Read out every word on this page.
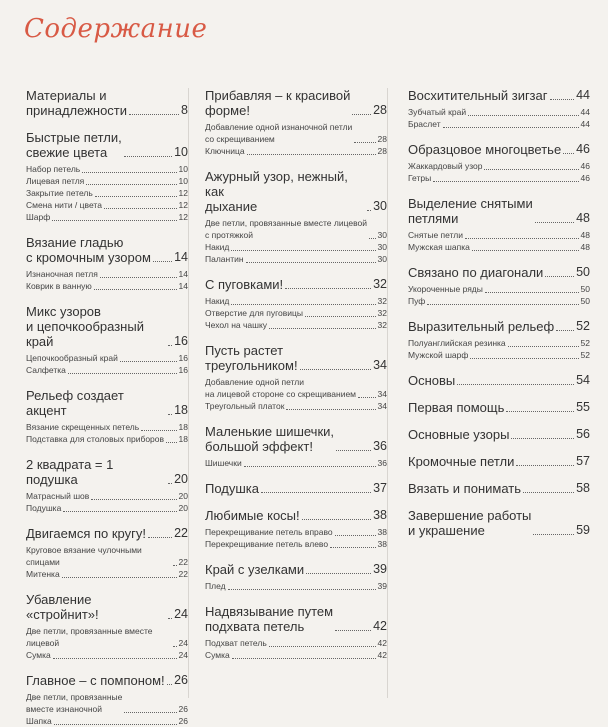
Содержание
Материалы и
принадлежности	8
Быстрые петли,
свежие цвета	10
Набор петель	10
Лицевая петля	10
Закрытие петель	12
Смена нити / цвета	12
Шарф	12
Вязание гладью
с кромочным узором 14
Изнаночная петля	14
Коврик в ванную	14
Микс узоров
и цепочкообразный край	16
Цепочкообразный край	16
Салфетка	16
Рельеф создает акцент	18
Вязание скрещенных петель	18
Подставка для столовых приборов 18
2 квадрата = 1 подушка	20
Матрасный шов	20
Подушка	20
Двигаемся по кругу! 22
Круговое вязание чулочными спицами	22
Митенка	22
Убавление «стройнит»!	24
Две петли, провязанные вместе лицевой	24
Сумка	24
Главное – с помпоном! 26
Две петли, провязанные
вместе изнаночной	26
Шапка	26
Прибавляя – к красивой
форме!	28
Добавление одной изнаночной петли
со скрещиванием	28
Ключница	28
Ажурный узор, нежный, как
дыхание	30
Две петли, провязанные вместе лицевой
с протяжкой	30
Накид	30
Палантин	30
С пуговками!	32
Накид	32
Отверстие для пуговицы	32
Чехол на чашку	32
Пусть растет
треугольником!	34
Добавление одной петли
на лицевой стороне со скрещиванием	34
Треугольный платок	34
Маленькие шишечки,
большой эффект!	36
Шишечки	36
Подушка	37
Любимые косы!	38
Перекрещивание петель вправо	38
Перекрещивание петель влево	38
Край с узелками	39
Плед	39
Надвязывание путем
подхвата петель	42
Подхват петель	42
Сумка	42
Восхитительный зигзаг 44
Зубчатый край	44
Браслет	44
Образцовое многоцветье 46
Жаккардовый узор	46
Гетры	46
Выделение снятыми
петлями	48
Снятые петли	48
Мужская шапка	48
Связано по диагонали	50
Укороченные ряды	50
Пуф	50
Выразительный рельеф 52
Полуанглийская резинка	52
Мужской шарф	52
Основы	54
Первая помощь	55
Основные узоры	56
Кромочные петли	57
Вязать и понимать	58
Завершение работы
и украшение	59
